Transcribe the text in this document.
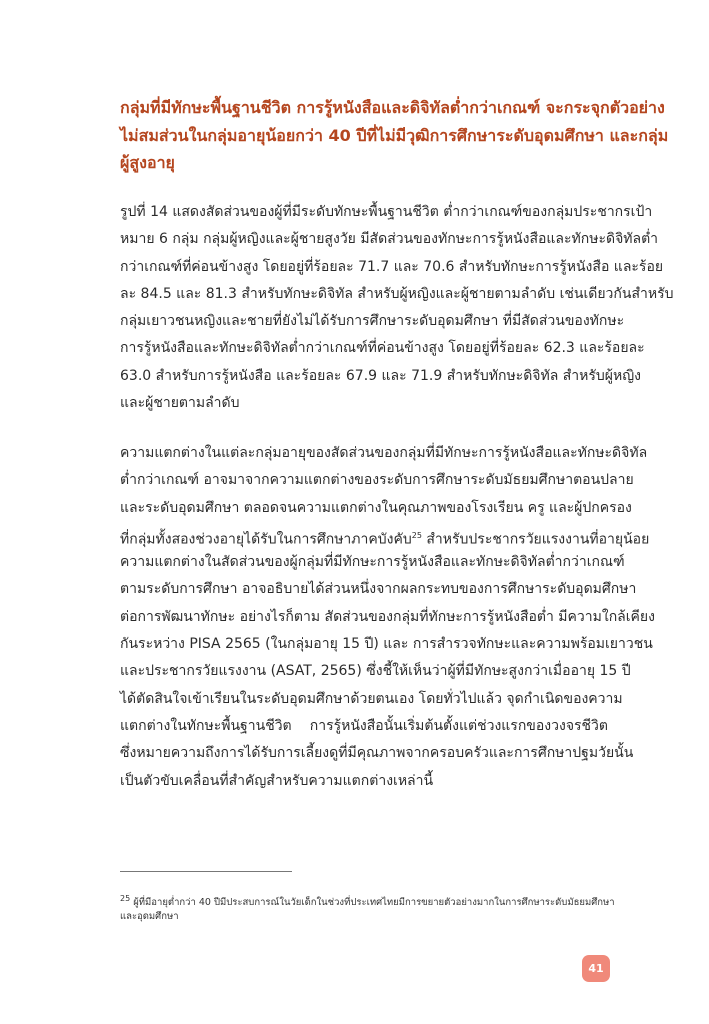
กลุ่มที่มีทักษะพื้นฐานชีวิต การรู้หนังสือและดิจิทัลต่ำกว่าเกณฑ์ จะกระจุกตัวอย่าง
ไม่สมส่วนในกลุ่มอายุน้อยกว่า 40 ปีที่ไม่มีวุฒิการศึกษาระดับอุดมศึกษา และกลุ่ม
ผู้สูงอายุ
รูปที่ 14 แสดงสัดส่วนของผู้ที่มีระดับทักษะพื้นฐานชีวิต ต่ำกว่าเกณฑ์ของกลุ่มประชากรเป้า
หมาย 6 กลุ่ม กลุ่มผู้หญิงและผู้ชายสูงวัย มีสัดส่วนของทักษะการรู้หนังสือและทักษะดิจิทัลต่ำ
กว่าเกณฑ์ที่ค่อนข้างสูง โดยอยู่ที่ร้อยละ 71.7 และ 70.6 สำหรับทักษะการรู้หนังสือ และร้อย
ละ 84.5 และ 81.3 สำหรับทักษะดิจิทัล สำหรับผู้หญิงและผู้ชายตามลำดับ เช่นเดียวกันสำหรับ
กลุ่มเยาวชนหญิงและชายที่ยังไม่ได้รับการศึกษาระดับอุดมศึกษา ที่มีสัดส่วนของทักษะ
การรู้หนังสือและทักษะดิจิทัลต่ำกว่าเกณฑ์ที่ค่อนข้างสูง โดยอยู่ที่ร้อยละ 62.3 และร้อยละ
63.0 สำหรับการรู้หนังสือ และร้อยละ 67.9 และ 71.9 สำหรับทักษะดิจิทัล สำหรับผู้หญิง
และผู้ชายตามลำดับ
ความแตกต่างในแต่ละกลุ่มอายุของสัดส่วนของกลุ่มที่มีทักษะการรู้หนังสือและทักษะดิจิทัล
ต่ำกว่าเกณฑ์ อาจมาจากความแตกต่างของระดับการศึกษาระดับมัธยมศึกษาตอนปลาย
และระดับอุดมศึกษา ตลอดจนความแตกต่างในคุณภาพของโรงเรียน ครู และผู้ปกครอง
ที่กลุ่มทั้งสองช่วงอายุได้รับในการศึกษาภาคบังคับ$^{25}$ สำหรับประชากรวัยแรงงานที่อายุน้อย
ความแตกต่างในสัดส่วนของผู้กลุ่มที่มีทักษะการรู้หนังสือและทักษะดิจิทัลต่ำกว่าเกณฑ์
ตามระดับการศึกษา อาจอธิบายได้ส่วนหนึ่งจากผลกระทบของการศึกษาระดับอุดมศึกษา
ต่อการพัฒนาทักษะ อย่างไรก็ตาม สัดส่วนของกลุ่มที่ทักษะการรู้หนังสือต่ำ มีความใกล้เคียง
กันระหว่าง PISA 2565 (ในกลุ่มอายุ 15 ปี) และ การสำรวจทักษะและความพร้อมเยาวชน
และประชากรวัยแรงงาน (ASAT, 2565) ซึ่งชี้ให้เห็นว่าผู้ที่มีทักษะสูงกว่าเมื่ออายุ 15 ปี
ได้ตัดสินใจเข้าเรียนในระดับอุดมศึกษาด้วยตนเอง โดยทั่วไปแล้ว จุดกำเนิดของความ
แตกต่างในทักษะพื้นฐานชีวิต การรู้หนังสือนั้นเริ่มต้นตั้งแต่ช่วงแรกของวงจรชีวิต
ซึ่งหมายความถึงการได้รับการเลี้ยงดูที่มีคุณภาพจากครอบครัวและการศึกษาปฐมวัยนั้น
เป็นตัวขับเคลื่อนที่สำคัญสำหรับความแตกต่างเหล่านี้
$^{25}$ ผู้ที่มีอายุต่ำกว่า 40 ปีมีประสบการณ์ในวัยเด็กในช่วงที่ประเทศไทยมีการขยายตัวอย่างมากในการศึกษาระดับมัธยมศึกษา
และอุดมศึกษา
41
